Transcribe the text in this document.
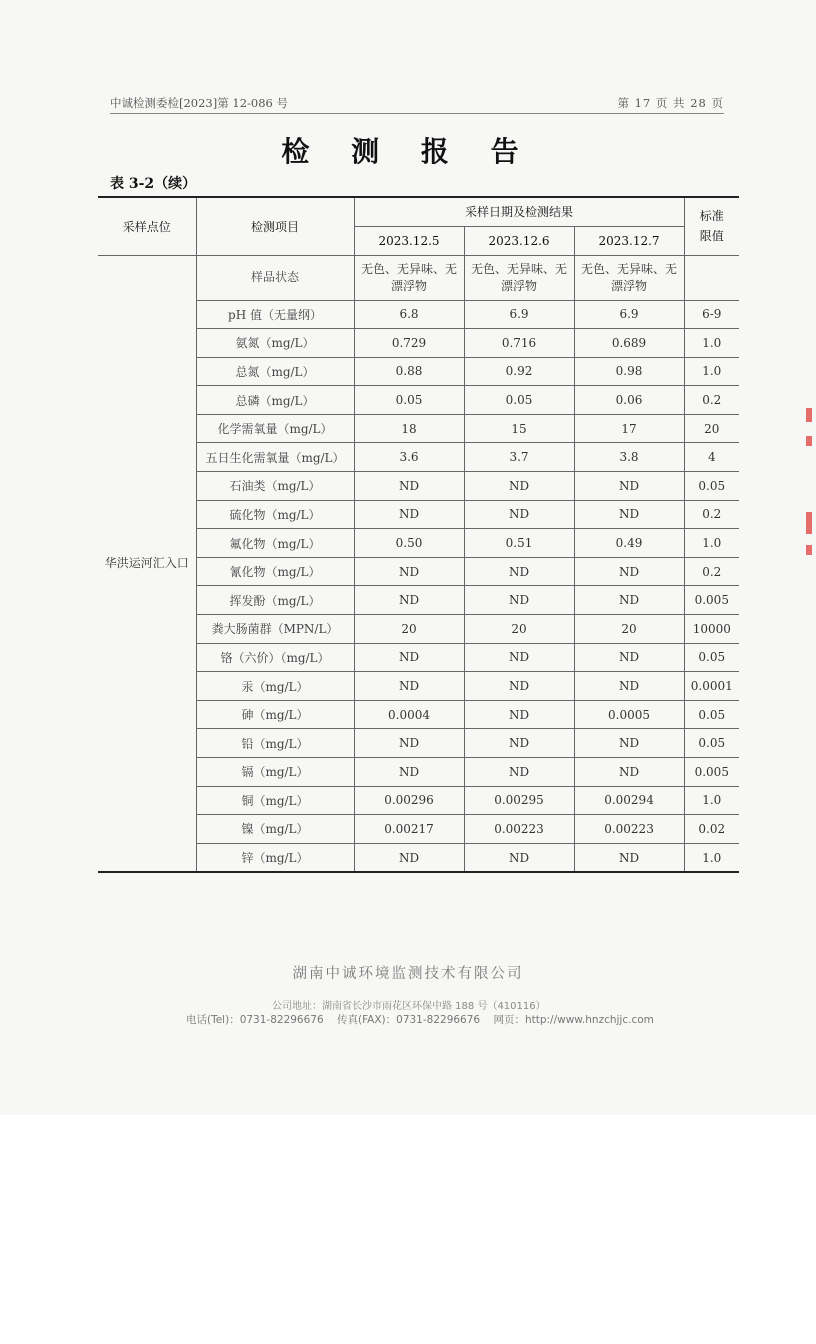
中诚检测委检[2023]第 12-086 号	第 17 页 共 28 页
检 测 报 告
表 3-2（续）
采样点位	检测项目	采样日期及检测结果			标准限值
		2023.12.5	2023.12.6	2023.12.7	
华洪运河汇入口	样品状态	无色、无异味、无漂浮物	无色、无异味、无漂浮物	无色、无异味、无漂浮物	
	pH 值（无量纲）	6.8	6.9	6.9	6-9
	氨氮（mg/L）	0.729	0.716	0.689	1.0
	总氮（mg/L）	0.88	0.92	0.98	1.0
	总磷（mg/L）	0.05	0.05	0.06	0.2
	化学需氧量（mg/L）	18	15	17	20
	五日生化需氧量（mg/L）	3.6	3.7	3.8	4
	石油类（mg/L）	ND	ND	ND	0.05
	硫化物（mg/L）	ND	ND	ND	0.2
	氟化物（mg/L）	0.50	0.51	0.49	1.0
	氰化物（mg/L）	ND	ND	ND	0.2
	挥发酚（mg/L）	ND	ND	ND	0.005
	粪大肠菌群（MPN/L）	20	20	20	10000
	铬（六价）（mg/L）	ND	ND	ND	0.05
	汞（mg/L）	ND	ND	ND	0.0001
	砷（mg/L）	0.0004	ND	0.0005	0.05
	铅（mg/L）	ND	ND	ND	0.05
	镉（mg/L）	ND	ND	ND	0.005
	铜（mg/L）	0.00296	0.00295	0.00294	1.0
	镍（mg/L）	0.00217	0.00223	0.00223	0.02
	锌（mg/L）	ND	ND	ND	1.0
湖南中诚环境监测技术有限公司
公司地址：湖南省长沙市雨花区环保中路 188 号（410116）
电话(Tel)：0731-82296676 传真(FAX)：0731-82296676 网页：http://www.hnzchjjc.com
